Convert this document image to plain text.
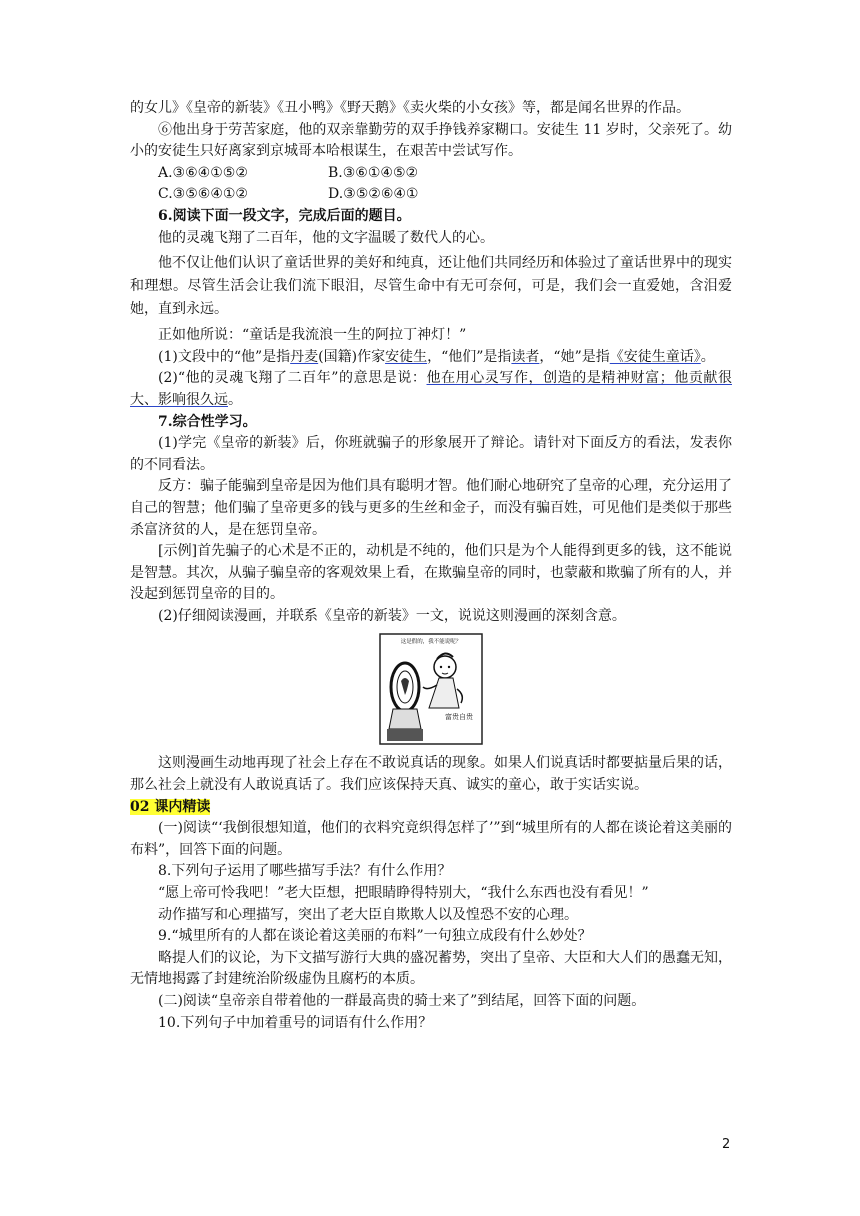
的女儿》《皇帝的新装》《丑小鸭》《野天鹅》《卖火柴的小女孩》等，都是闻名世界的作品。

⑥他出身于劳苦家庭，他的双亲靠勤劳的双手挣钱养家糊口。安徒生 11 岁时，父亲死了。幼小的安徒生只好离家到京城哥本哈根谋生，在艰苦中尝试写作。

A.③⑥④①⑤②	B.③⑥①④⑤②
C.③⑤⑥④①②	D.③⑤②⑥④①

6.阅读下面一段文字，完成后面的题目。

他的灵魂飞翔了二百年，他的文字温暖了数代人的心。

他不仅让他们认识了童话世界的美好和纯真，还让他们共同经历和体验过了童话世界中的现实和理想。尽管生活会让我们流下眼泪，尽管生命中有无可奈何，可是，我们会一直爱她，含泪爱她，直到永远。

正如他所说：“童话是我流浪一生的阿拉丁神灯！”

(1)文段中的“他”是指丹麦(国籍)作家安徒生，“他们”是指读者，“她”是指《安徒生童话》。

(2)“他的灵魂飞翔了二百年”的意思是说：他在用心灵写作，创造的是精神财富；他贡献很大、影响很久远。

7.综合性学习。

(1)学完《皇帝的新装》后，你班就骗子的形象展开了辩论。请针对下面反方的看法，发表你的不同看法。

反方：骗子能骗到皇帝是因为他们具有聪明才智。他们耐心地研究了皇帝的心理，充分运用了自己的智慧；他们骗了皇帝更多的钱与更多的生丝和金子，而没有骗百姓，可见他们是类似于那些杀富济贫的人，是在惩罚皇帝。

[示例]首先骗子的心术是不正的，动机是不纯的，他们只是为个人能得到更多的钱，这不能说是智慧。其次，从骗子骗皇帝的客观效果上看，在欺骗皇帝的同时，也蒙蔽和欺骗了所有的人，并没起到惩罚皇帝的目的。

(2)仔细阅读漫画，并联系《皇帝的新装》一文，说说这则漫画的深刻含意。

这是假的，我不能说呢？
富贵自贵

这则漫画生动地再现了社会上存在不敢说真话的现象。如果人们说真话时都要掂量后果的话，那么社会上就没有人敢说真话了。我们应该保持天真、诚实的童心，敢于实话实说。

02 课内精读

(一)阅读“‘我倒很想知道，他们的衣料究竟织得怎样了’”到“城里所有的人都在谈论着这美丽的布料”，回答下面的问题。

8.下列句子运用了哪些描写手法？有什么作用？

“愿上帝可怜我吧！”老大臣想，把眼睛睁得特别大，“我什么东西也没有看见！”

动作描写和心理描写，突出了老大臣自欺欺人以及惶恐不安的心理。

9.“城里所有的人都在谈论着这美丽的布料”一句独立成段有什么妙处？

略提人们的议论，为下文描写游行大典的盛况蓄势，突出了皇帝、大臣和大人们的愚蠢无知，无情地揭露了封建统治阶级虚伪且腐朽的本质。

(二)阅读“皇帝亲自带着他的一群最高贵的骑士来了”到结尾，回答下面的问题。

10.下列句子中加着重号的词语有什么作用？

2
